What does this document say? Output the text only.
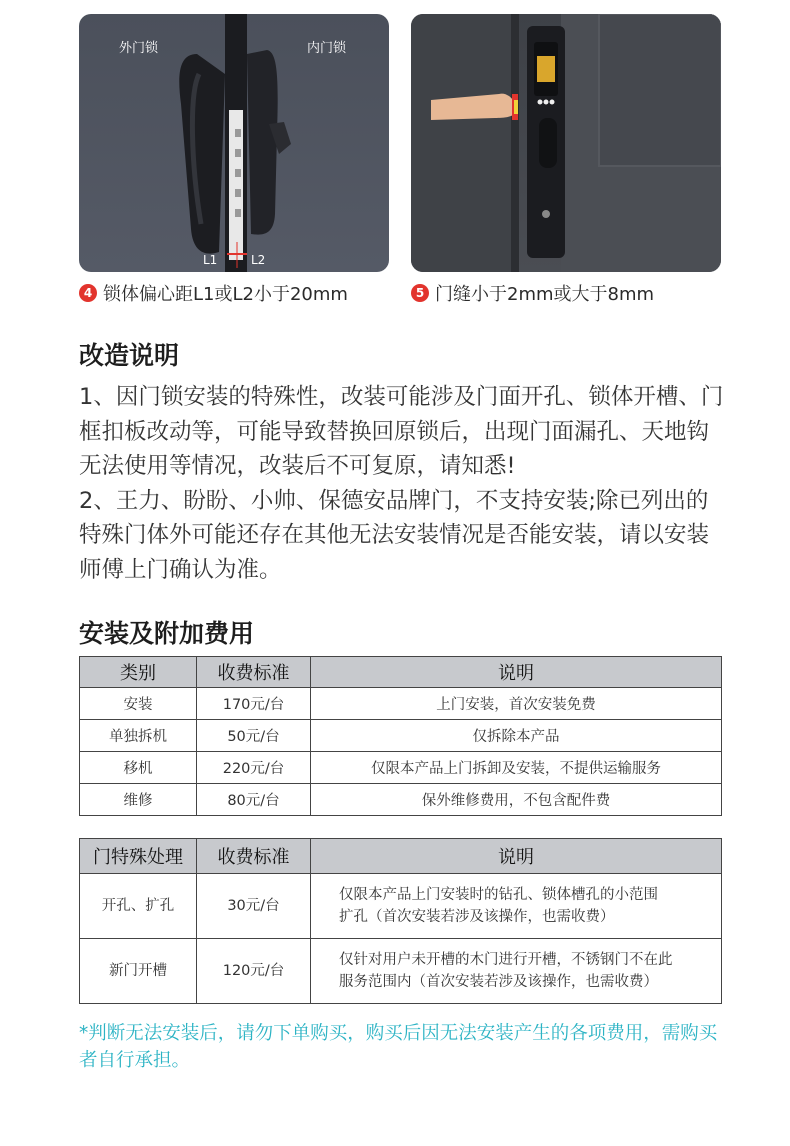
外门锁	内门锁
L1	L2
4 锁体偏心距L1或L2小于20mm	5 门缝小于2mm或大于8mm
改造说明

1、因门锁安装的特殊性，改装可能涉及门面开孔、锁体开槽、门框扣板改动等，可能导致替换回原锁后，出现门面漏孔、天地钩无法使用等情况，改装后不可复原，请知悉!
2、王力、盼盼、小帅、保德安品牌门，不支持安装;除已列出的特殊门体外可能还存在其他无法安装情况是否能安装，请以安装师傅上门确认为准。

安装及附加费用
类别	收费标准	说明
安装	170元/台	上门安装，首次安装免费
单独拆机	50元/台	仅拆除本产品
移机	220元/台	仅限本产品上门拆卸及安装，不提供运输服务
维修	80元/台	保外维修费用，不包含配件费
门特殊处理	收费标准	说明
开孔、扩孔	30元/台	仅限本产品上门安装时的钻孔、锁体槽孔的小范围
扩孔（首次安装若涉及该操作，也需收费）
新门开槽	120元/台	仅针对用户未开槽的木门进行开槽，不锈钢门不在此
服务范围内（首次安装若涉及该操作，也需收费）

*判断无法安装后，请勿下单购买，购买后因无法安装产生的各项费用，需购买者自行承担。
